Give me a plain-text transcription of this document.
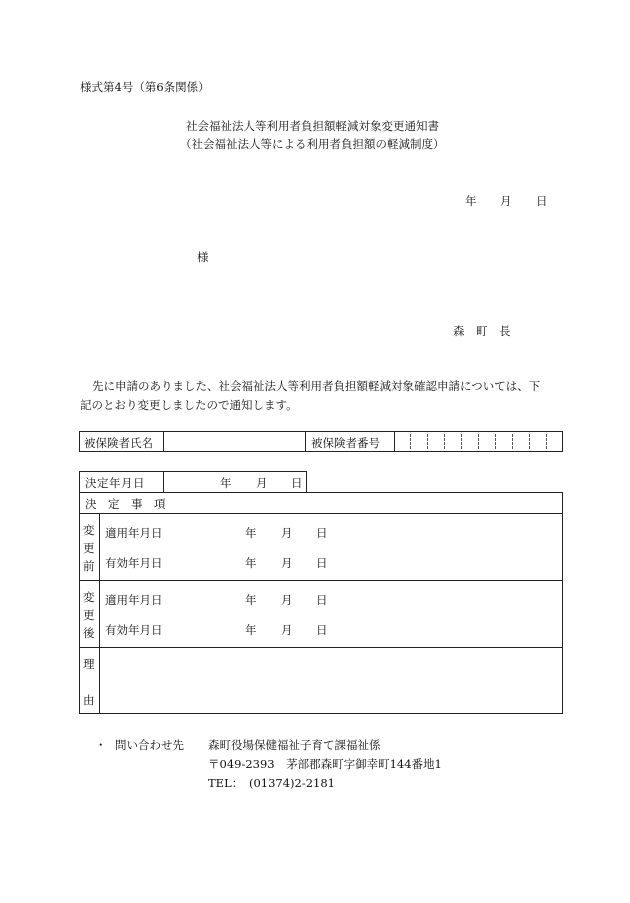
様式第4号（第6条関係）
社会福祉法人等利用者負担額軽減対象変更通知書
（社会福祉法人等による利用者負担額の軽減制度）
年 月 日
様
森　町　長
先に申請のありました、社会福祉法人等利用者負担額軽減対象確認申請については、下
記のとおり変更しましたので通知します。
被保険者氏名	被保険者番号
決定年月日	年 月 日
決　定　事　項
変
更
前
適用年月日	年 月 日
有効年月日	年 月 日
変
更
後
適用年月日	年 月 日
有効年月日	年 月 日
理
由
・ 問い合わせ先 森町役場保健福祉子育て課福祉係
〒049-2393　茅部郡森町字御幸町144番地1
TEL：　(01374)2-2181
